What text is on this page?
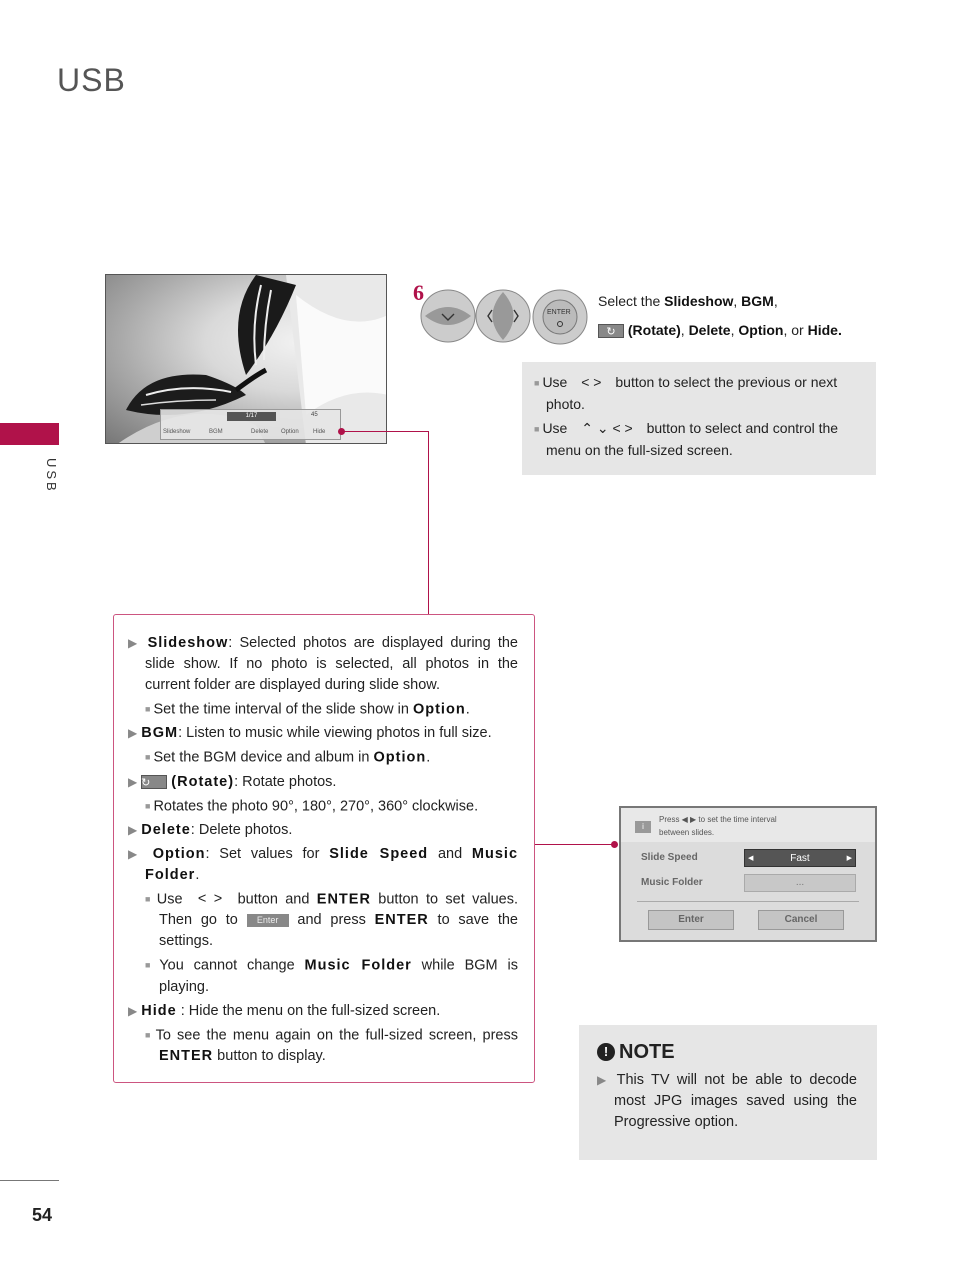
USB
USB
54
1/17	45
Slideshow	BGM	Delete Option Hide
6
ENTER
Select the Slideshow, BGM,
↻ (Rotate), Delete, Option, or Hide.
■ Use < > button to select the previous or next photo.
■ Use ⌃ ⌄ < > button to select and control the menu on the full-sized screen.

▶ Slideshow: Selected photos are displayed during the slide show. If no photo is selected, all photos in the current folder are displayed during slide show.

■ Set the time interval of the slide show in Option.

▶ BGM: Listen to music while viewing photos in full size.

■ Set the BGM device and album in Option.

▶ ↻ (Rotate): Rotate photos.

■ Rotates the photo 90°, 180°, 270°, 360° clockwise.

▶ Delete: Delete photos.

▶ Option: Set values for Slide Speed and Music Folder.

■ Use < > button and ENTER button to set values. Then go to Enter and press ENTER to save the settings.

■ You cannot change Music Folder while BGM is playing.

▶ Hide : Hide the menu on the full-sized screen.

■ To see the menu again on the full-sized screen, press ENTER button to display.

i
Press ◀ ▶ to set the time interval
between slides.
Slide Speed	◀	Fast	▶
Music Folder	...
Enter	Cancel
! NOTE
▶ This TV will not be able to decode most JPG images saved using the Progressive option.
